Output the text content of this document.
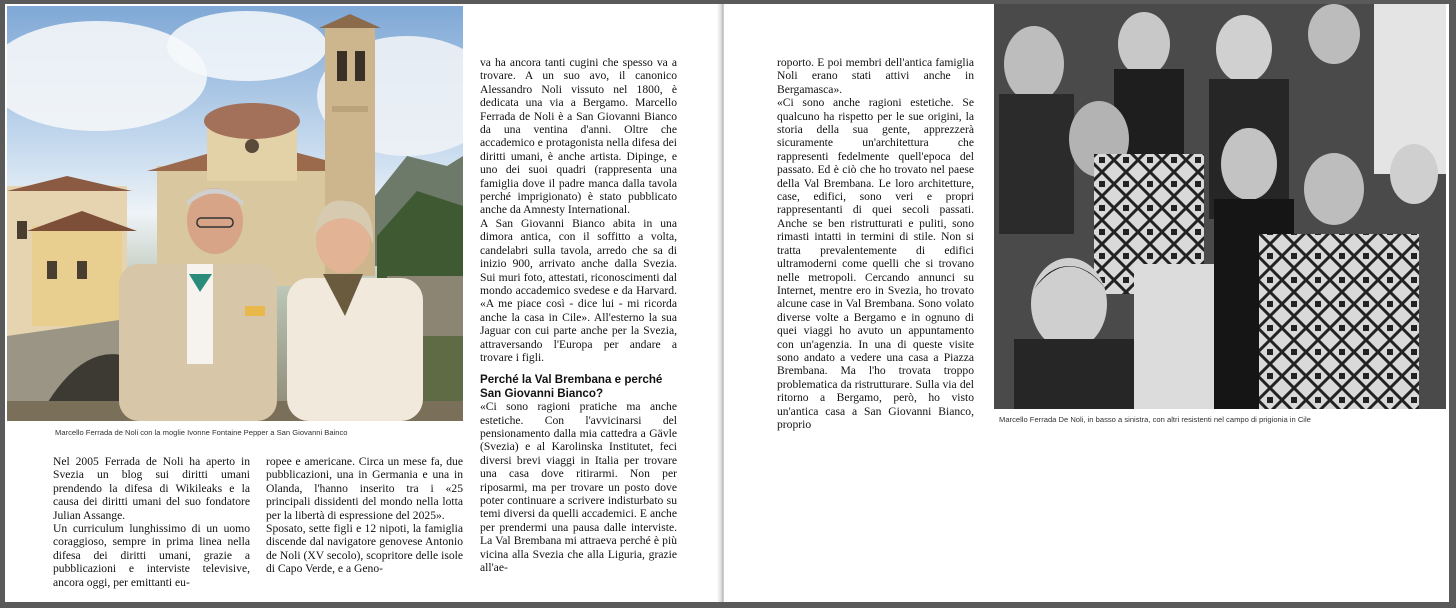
Marcello Ferrada de Noli con la moglie Ivonne Fontaine Pepper a San Giovanni Bainco

va ha ancora tanti cugini che spesso va a trovare. A un suo avo, il canonico Alessandro Noli vissuto nel 1800, è dedicata una via a Bergamo. Marcello Ferrada de Noli è a San Giovanni Bianco da una ventina d'anni. Oltre che accademico e protagonista nella difesa dei diritti umani, è anche artista. Dipinge, e uno dei suoi quadri (rappresenta una famiglia dove il padre manca dalla tavola perché imprigionato) è stato pubblicato anche da Amnesty International.

A San Giovanni Bianco abita in una dimora antica, con il soffitto a volta, candelabri sulla tavola, arredo che sa di inizio 900, arrivato anche dalla Svezia. Sui muri foto, attestati, riconoscimenti dal mondo accademico svedese e da Harvard. «A me piace così - dice lui - mi ricorda anche la casa in Cile». All'esterno la sua Jaguar con cui parte anche per la Svezia, attraversando l'Europa per andare a trovare i figli.

Perché la Val Brembana e perché San Giovanni Bianco?

«Ci sono ragioni pratiche ma anche estetiche. Con l'avvicinarsi del pensionamento dalla mia cattedra a Gävle (Svezia) e al Karolinska Institutet, feci diversi brevi viaggi in Italia per trovare una casa dove ritirarmi. Non per riposarmi, ma per trovare un posto dove poter continuare a scrivere indisturbato su temi diversi da quelli accademici. E anche per prendermi una pausa dalle interviste. La Val Brembana mi attraeva perché è più vicina alla Svezia che alla Liguria, grazie all'ae-

Nel 2005 Ferrada de Noli ha aperto in Svezia un blog sui diritti umani prendendo la difesa di Wikileaks e la causa dei diritti umani del suo fondatore Julian Assange.

Un curriculum lunghissimo di un uomo coraggioso, sempre in prima linea nella difesa dei diritti umani, grazie a pubblicazioni e interviste televisive, ancora oggi, per emittanti eu-

ropee e americane. Circa un mese fa, due pubblicazioni, una in Germania e una in Olanda, l'hanno inserito tra i «25 principali dissidenti del mondo nella lotta per la libertà di espressione del 2025».

Sposato, sette figli e 12 nipoti, la famiglia discende dal navigatore genovese Antonio de Noli (XV secolo), scopritore delle isole di Capo Verde, e a Geno-

roporto. E poi membri dell'antica famiglia Noli erano stati attivi anche in Bergamasca».

«Ci sono anche ragioni estetiche. Se qualcuno ha rispetto per le sue origini, la storia della sua gente, apprezzerà sicuramente un'architettura che rappresenti fedelmente quell'epoca del passato. Ed è ciò che ho trovato nel paese della Val Brembana. Le loro architetture, case, edifici, sono veri e propri rappresentanti di quei secoli passati. Anche se ben ristrutturati e puliti, sono rimasti intatti in termini di stile. Non si tratta prevalentemente di edifici ultramoderni come quelli che si trovano nelle metropoli. Cercando annunci su Internet, mentre ero in Svezia, ho trovato alcune case in Val Brembana. Sono volato diverse volte a Bergamo e in ognuno di quei viaggi ho avuto un appuntamento con un'agenzia. In una di queste visite sono andato a vedere una casa a Piazza Brembana. Ma l'ho trovata troppo problematica da ristrutturare. Sulla via del ritorno a Bergamo, però, ho visto un'antica casa a San Giovanni Bianco, proprio	Marcello Ferrada De Noli, in basso a sinistra, con altri resistenti nel campo di prigionia in Cile
